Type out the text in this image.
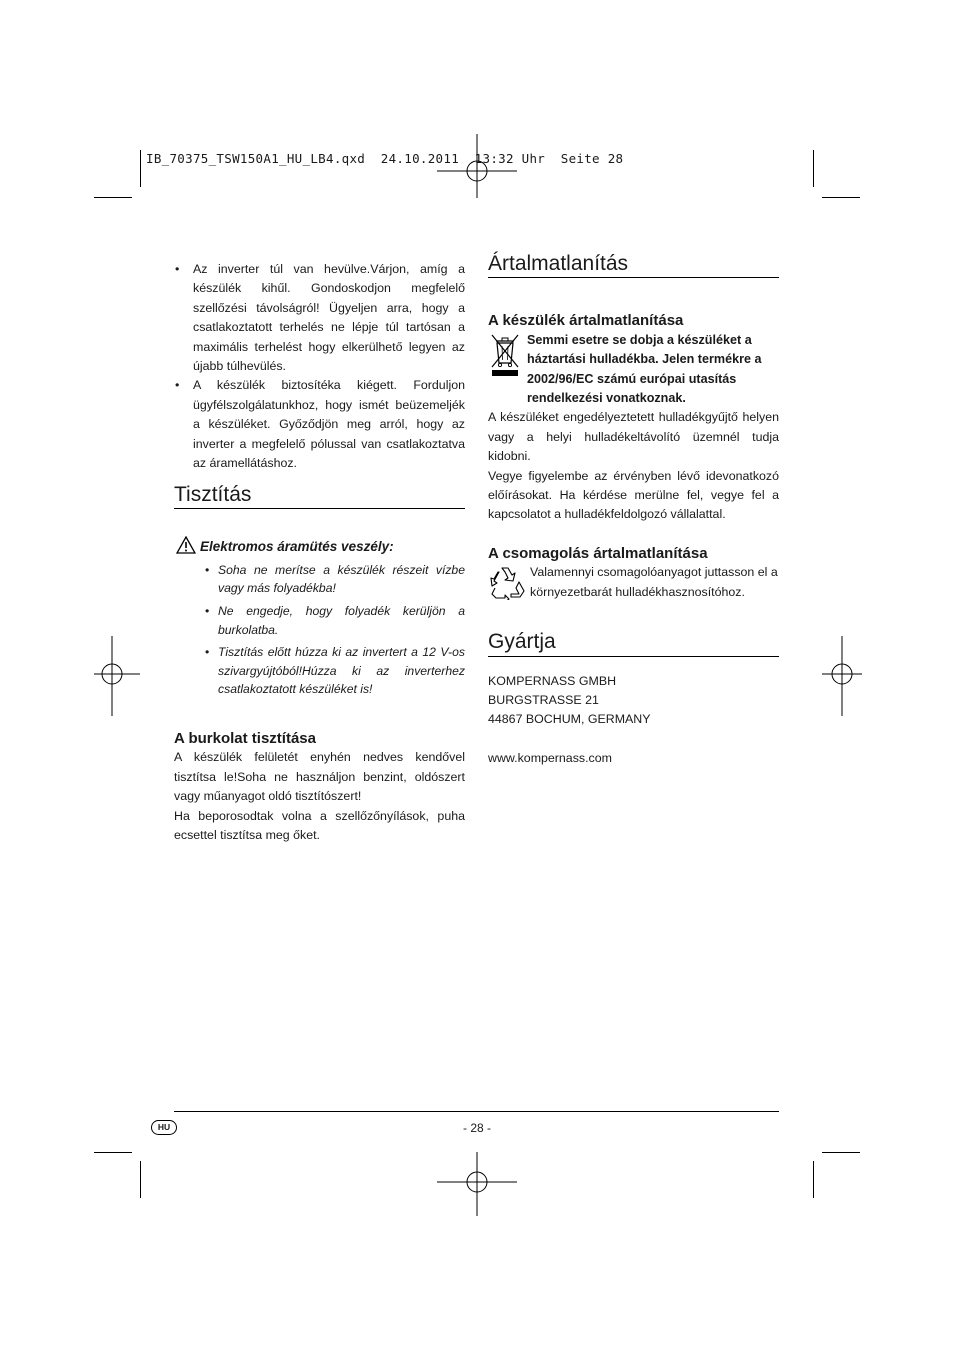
IB_70375_TSW150A1_HU_LB4.qxd  24.10.2011  13:32 Uhr  Seite 28
• Az inverter túl van hevülve.Várjon, amíg a készülék kihűl. Gondoskodjon megfelelő szellőzési távolságról! Ügyeljen arra, hogy a csatlakoztatott terhelés ne lépje túl tartósan a maximális terhelést hogy elkerülhető legyen az újabb túlhevülés.
• A készülék biztosítéka kiégett. Forduljon ügyfélszolgálatunkhoz, hogy ismét beüzemeljék a készüléket. Győződjön meg arról, hogy az inverter a megfelelő pólussal van csatlakoztatva az áramellátáshoz.
Tisztítás
Elektromos áramütés veszély:
• Soha ne merítse a készülék részeit vízbe vagy más folyadékba!
• Ne engedje, hogy folyadék kerüljön a burkolatba.
• Tisztítás előtt húzza ki az invertert a 12 V-os szivargyújtóból!Húzza ki az inverterhez csatlakoztatott készüléket is!
A burkolat tisztítása

A készülék felületét enyhén nedves kendővel tisztítsa le!Soha ne használjon benzint, oldószert vagy műanyagot oldó tisztítószert!

Ha beporosodtak volna a szellőzőnyílások, puha ecsettel tisztítsa meg őket.

Ártalmatlanítás
A készülék ártalmatlanítása

Semmi esetre se dobja a készüléket a háztartási hulladékba. Jelen termékre a 2002/96/EC számú európai utasítás rendelkezési vonatkoznak.

A készüléket engedélyeztetett hulladékgyűjtő helyen vagy a helyi hulladékeltávolító üzemnél tudja kidobni.

Vegye figyelembe az érvényben lévő idevonatkozó előírásokat. Ha kérdése merülne fel, vegye fel a kapcsolatot a hulladékfeldolgozó vállalattal.

A csomagolás ártalmatlanítása

Valamennyi csomagolóanyagot juttasson el a környezetbarát hulladékhasznosítóhoz.

Gyártja
KOMPERNASS GMBH
BURGSTRASSE 21
44867 BOCHUM, GERMANY
www.kompernass.com
HU	- 28 -
